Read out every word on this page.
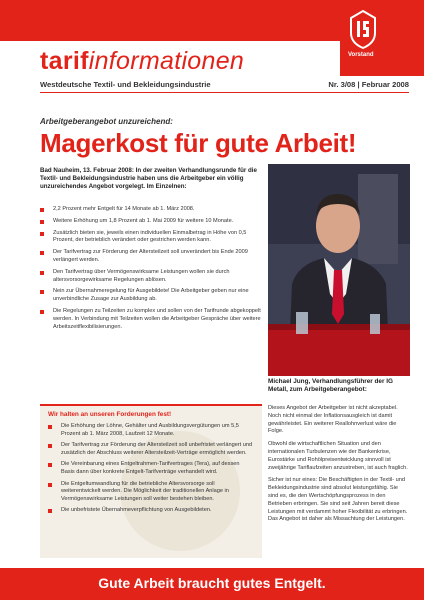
Vorstand
tarifinformationen
Westdeutsche Textil- und Bekleidungsindustrie	Nr. 3/08 | Februar 2008
Arbeitgeberangebot unzureichend:
Magerkost für gute Arbeit!
Bad Nauheim, 13. Februar 2008: In der zweiten Verhandlungsrunde für die Textil- und Bekleidungsindustrie haben uns die Arbeitgeber ein völlig unzureichendes Angebot vorgelegt. Im Einzelnen:
2,2 Prozent mehr Entgelt für 14 Monate ab 1. März 2008.
Weitere Erhöhung um 1,8 Prozent ab 1. Mai 2009 für weitere 10 Monate.
Zusätzlich bieten sie, jeweils einen individuellen Einmalbetrag in Höhe von 0,5 Prozent, der betrieblich verändert oder gestrichen werden kann.
Der Tarifvertrag zur Förderung der Altersteilzeit soll unverändert bis Ende 2009 verlängert werden.
Den Tarifvertrag über Vermögenswirksame Leistungen wollen sie durch altersvorsorgewirksame Regelungen ablösen.
Nein zur Übernahmeregelung für Ausgebildete! Die Arbeitgeber geben nur eine unverbindliche Zusage zur Ausbildung ab.
Die Regelungen zu Teilzeiten zu komplex und sollen von der Tarifrunde abgekoppelt werden. In Verbindung mit Teilzeiten wollen die Arbeitgeber Gespräche über weitere Arbeitszeitflexibilisierungen.
Michael Jung, Verhandlungsführer der IG Metall, zum Arbeitgeberangebot:

Dieses Angebot der Arbeitgeber ist nicht akzeptabel. Noch nicht einmal der Inflationsausgleich ist damit gewährleistet. Ein weiterer Reallohnverlust wäre die Folge.

Obwohl die wirtschaftlichen Situation und den internationalen Turbulenzen wie der Bankenkrise, Eurostärke und Rohölpreisentwicklung sinnvoll ist zweijährige Tariflaufzeiten anzustreben, ist auch fraglich.

Sicher ist nur eines: Die Beschäftigten in der Textil- und Bekleidungsindustrie sind absolut leistungsfähig. Sie sind es, die den Wertschöpfungsprozess in den Betrieben erbringen. Sie sind seit Jahren bereit diese Leistungen mit verdammt hoher Flexibilität zu erbringen. Das Angebot ist daher als Missachtung der Leistungen.

Wir halten an unseren Forderungen fest!
Die Erhöhung der Löhne, Gehälter und Ausbildungsvergütungen um 5,5 Prozent ab 1. März 2008, Laufzeit 12 Monate.
Der Tarifvertrag zur Förderung der Altersteilzeit soll unbefristet verlängert und zusätzlich der Abschluss weiterer Altersteilzeit-Verträge ermöglicht werden.
Die Vereinbarung eines Entgeltrahmen-Tarifvertrages (Tera), auf dessen Basis dann über konkrete Entgelt-Tarifverträge verhandelt wird.
Die Entgeltumwandlung für die betriebliche Altersvorsorge soll weiterentwickelt werden. Die Möglichkeit der traditionellen Anlage in Vermögenswirksame Leistungen soll weiter bestehen bleiben.
Die unbefristete Übernahmeverpflichtung von Ausgebildeten.
Gute Arbeit braucht gutes Entgelt.
